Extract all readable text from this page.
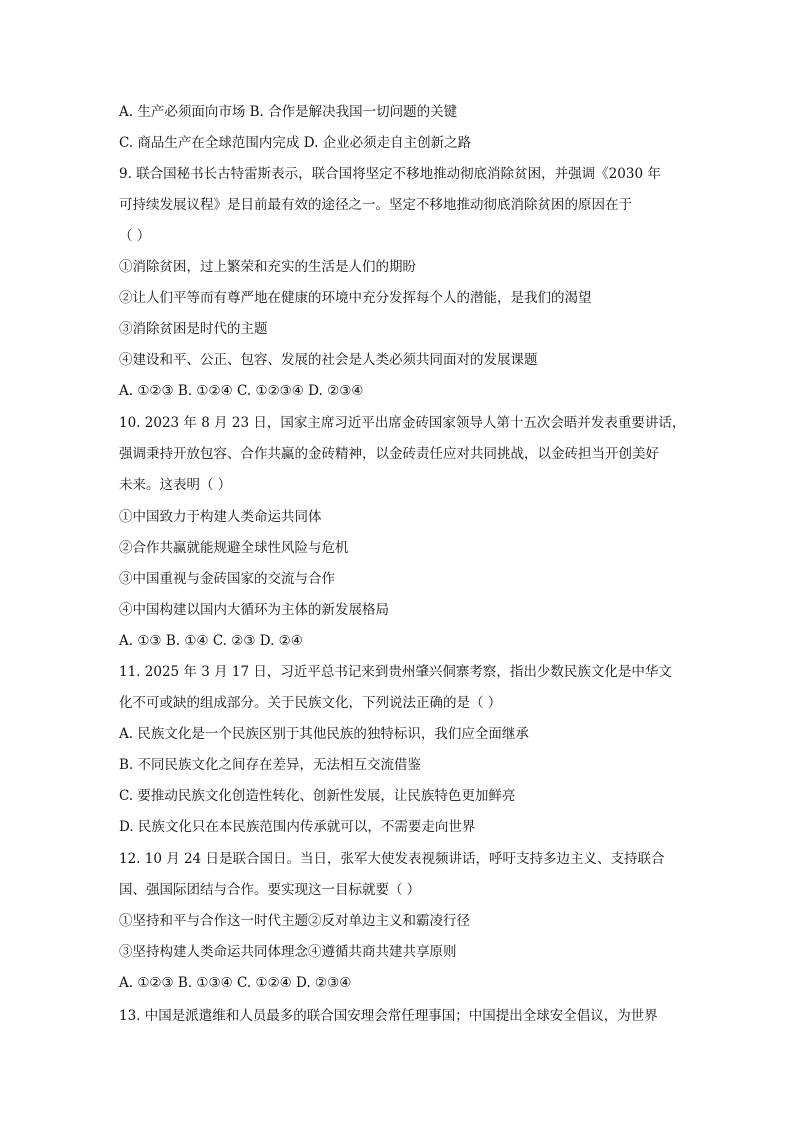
A. 生产必须面向市场 B. 合作是解决我国一切问题的关键
C. 商品生产在全球范围内完成 D. 企业必须走自主创新之路
9. 联合国秘书长古特雷斯表示，联合国将坚定不移地推动彻底消除贫困，并强调《2030 年
可持续发展议程》是目前最有效的途径之一。坚定不移地推动彻底消除贫困的原因在于
（ ）
①消除贫困，过上繁荣和充实的生活是人们的期盼
②让人们平等而有尊严地在健康的环境中充分发挥每个人的潜能，是我们的渴望
③消除贫困是时代的主题
④建设和平、公正、包容、发展的社会是人类必须共同面对的发展课题
A. ①②③ B. ①②④ C. ①②③④ D. ②③④
10. 2023 年 8 月 23 日，国家主席习近平出席金砖国家领导人第十五次会晤并发表重要讲话，
强调秉持开放包容、合作共赢的金砖精神，以金砖责任应对共同挑战，以金砖担当开创美好
未来。这表明（ ）
①中国致力于构建人类命运共同体
②合作共赢就能规避全球性风险与危机
③中国重视与金砖国家的交流与合作
④中国构建以国内大循环为主体的新发展格局
A. ①③ B. ①④ C. ②③ D. ②④
11. 2025 年 3 月 17 日，习近平总书记来到贵州肇兴侗寨考察，指出少数民族文化是中华文
化不可或缺的组成部分。关于民族文化，下列说法正确的是（ ）
A. 民族文化是一个民族区别于其他民族的独特标识，我们应全面继承
B. 不同民族文化之间存在差异，无法相互交流借鉴
C. 要推动民族文化创造性转化、创新性发展，让民族特色更加鲜亮
D. 民族文化只在本民族范围内传承就可以，不需要走向世界
12. 10 月 24 日是联合国日。当日，张军大使发表视频讲话，呼吁支持多边主义、支持联合
国、强国际团结与合作。要实现这一目标就要（ ）
①坚持和平与合作这一时代主题②反对单边主义和霸凌行径
③坚持构建人类命运共同体理念④遵循共商共建共享原则
A. ①②③ B. ①③④ C. ①②④ D. ②③④
13. 中国是派遣维和人员最多的联合国安理会常任理事国；中国提出全球安全倡议，为世界
